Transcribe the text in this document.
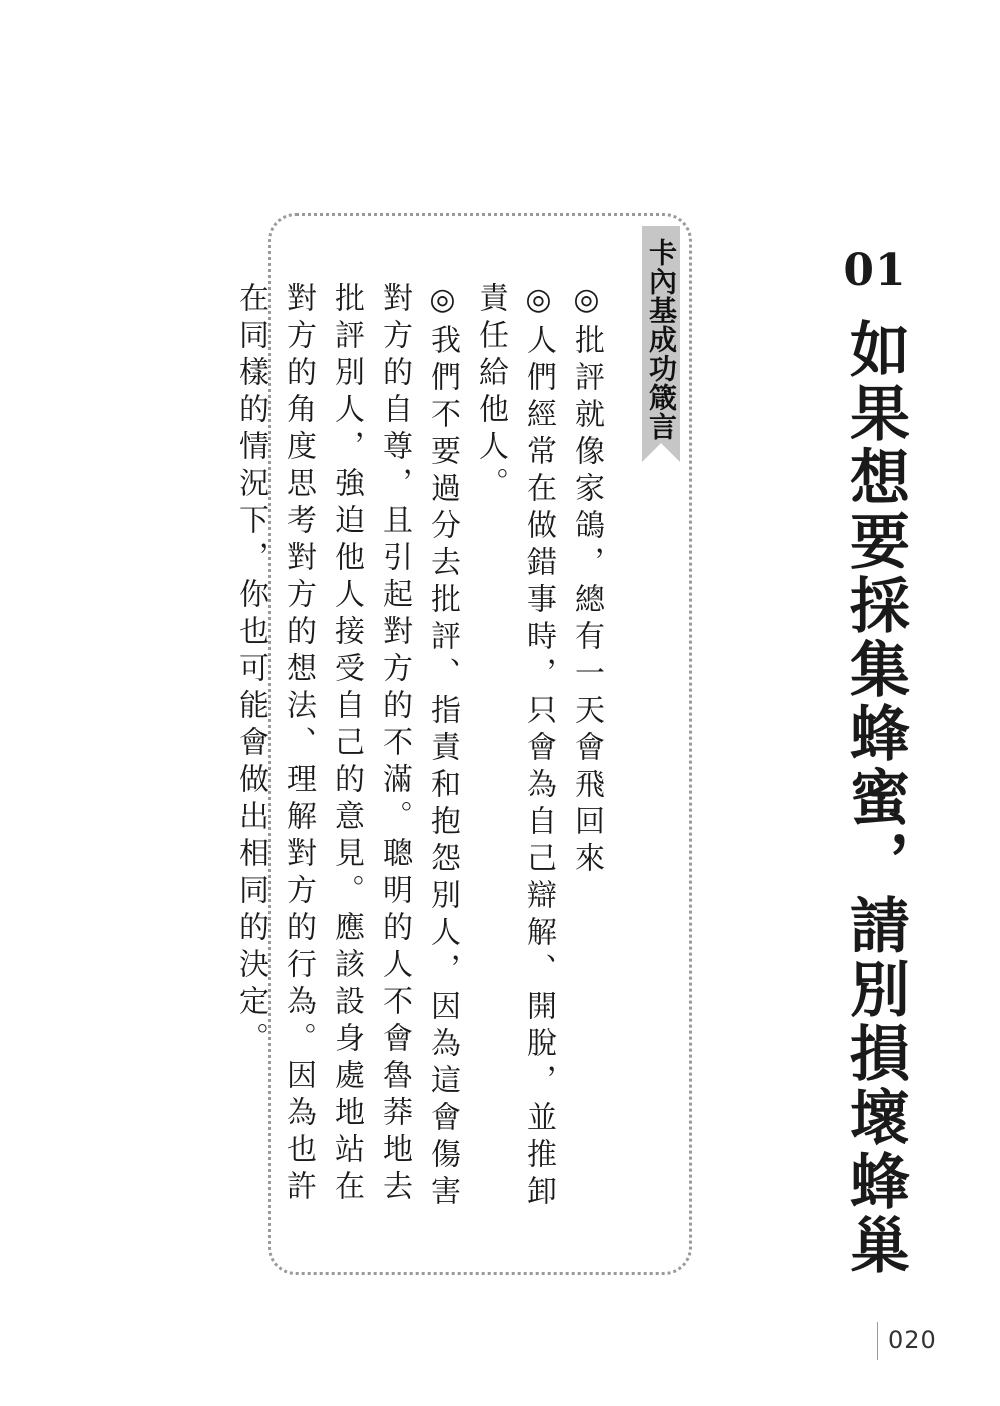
01
如果想要採集蜂蜜，請別損壞蜂巢
卡內基成功箴言

◎批評就像家鴿，總有一天會飛回來

◎人們經常在做錯事時，只會為自己辯解、開脫，並推卸責任給他人。

◎我們不要過分去批評、指責和抱怨別人，因為這會傷害對方的自尊，且引起對方的不滿。聰明的人不會魯莽地去批評別人，強迫他人接受自己的意見。應該設身處地站在對方的角度思考對方的想法、理解對方的行為。因為也許在同樣的情況下，你也可能會做出相同的決定。

020
